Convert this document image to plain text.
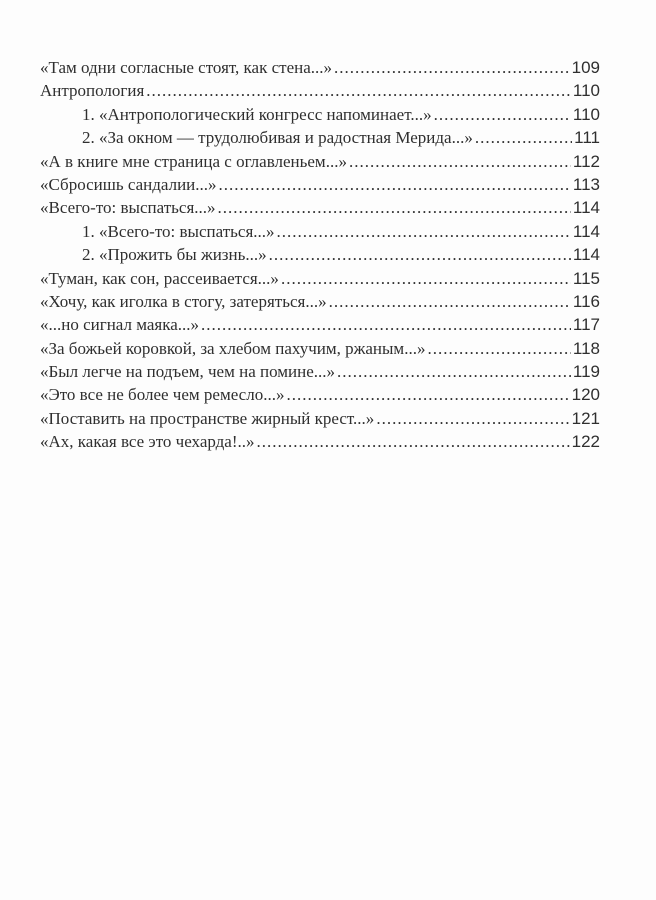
«Там одни согласные стоят, как стена...» .....	109
Антропология .....	110
1. «Антропологический конгресс напоминает...» .....	110
2. «За окном — трудолюбивая и радостная Мерида...» .....	111
«А в книге мне страница с оглавленьем...» .....	112
«Сбросишь сандалии...» .....	113
«Всего-то: выспаться...» .....	114
1. «Всего-то: выспаться...» .....	114
2. «Прожить бы жизнь...» .....	114
«Туман, как сон, рассеивается...» .....	115
«Хочу, как иголка в стогу, затеряться...» .....	116
«...но сигнал маяка...» .....	117
«За божьей коровкой, за хлебом пахучим, ржаным...» .....	118
«Был легче на подъем, чем на помине...» .....	119
«Это все не более чем ремесло...» .....	120
«Поставить на пространстве жирный крест...» .....	121
«Ах, какая все это чехарда!..» .....	122
